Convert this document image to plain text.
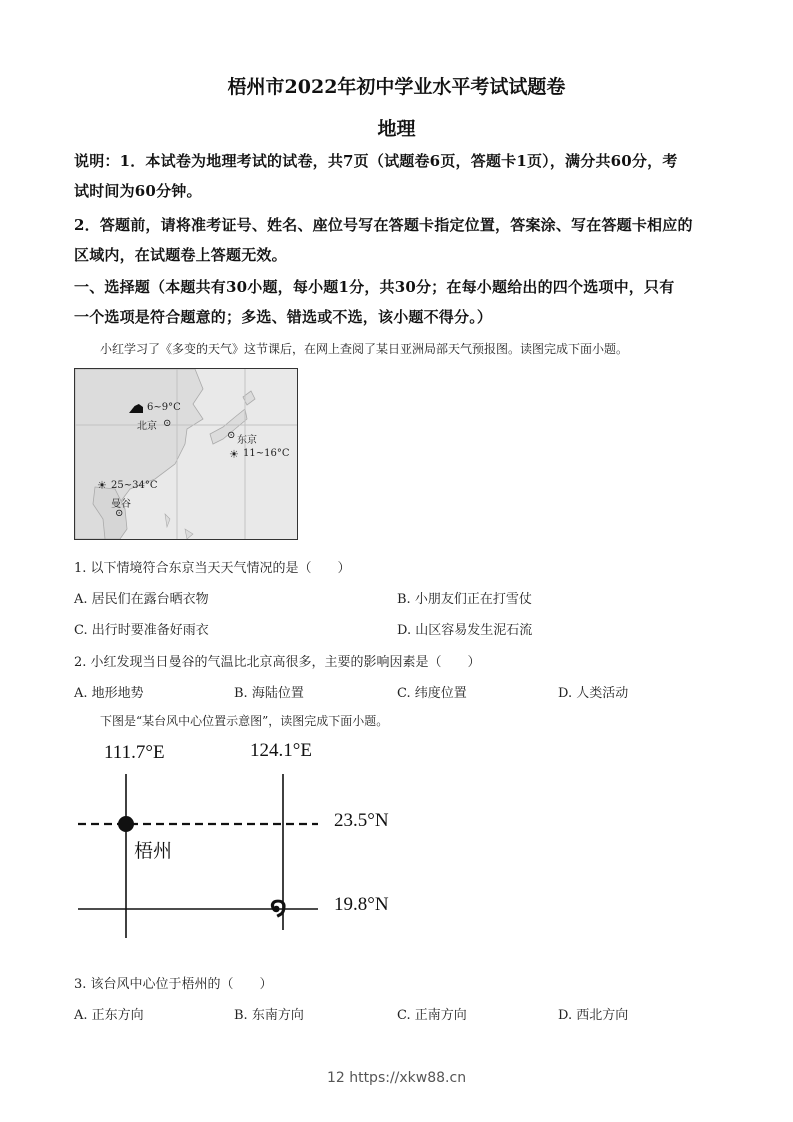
梧州市2022年初中学业水平考试试题卷
地理
说明：1．本试卷为地理考试的试卷，共7页（试题卷6页，答题卡1页），满分共60分，考
试时间为60分钟。
2．答题前，请将准考证号、姓名、座位号写在答题卡指定位置，答案涂、写在答题卡相应的
区域内，在试题卷上答题无效。
一、选择题（本题共有30小题，每小题1分，共30分；在每小题给出的四个选项中，只有
一个选项是符合题意的；多选、错选或不选，该小题不得分。）
小红学习了《多变的天气》这节课后，在网上查阅了某日亚洲局部天气预报图。读图完成下面小题。
6~9°C
北京 ⊙
⊙ 东京
☀ 11~16°C
☀ 25~34°C
曼谷
⊙
1. 以下情境符合东京当天天气情况的是（　　）
A. 居民们在露台晒衣物	B. 小朋友们正在打雪仗
C. 出行时要准备好雨衣	D. 山区容易发生泥石流
2. 小红发现当日曼谷的气温比北京高很多，主要的影响因素是（　　）
A. 地形地势	B. 海陆位置	C. 纬度位置	D. 人类活动
下图是“某台风中心位置示意图”，读图完成下面小题。
໑
111.7°E	124.1°E
23.5°N
19.8°N
梧州
3. 该台风中心位于梧州的（　　）
A. 正东方向	B. 东南方向	C. 正南方向	D. 西北方向
12 https://xkw88.cn
